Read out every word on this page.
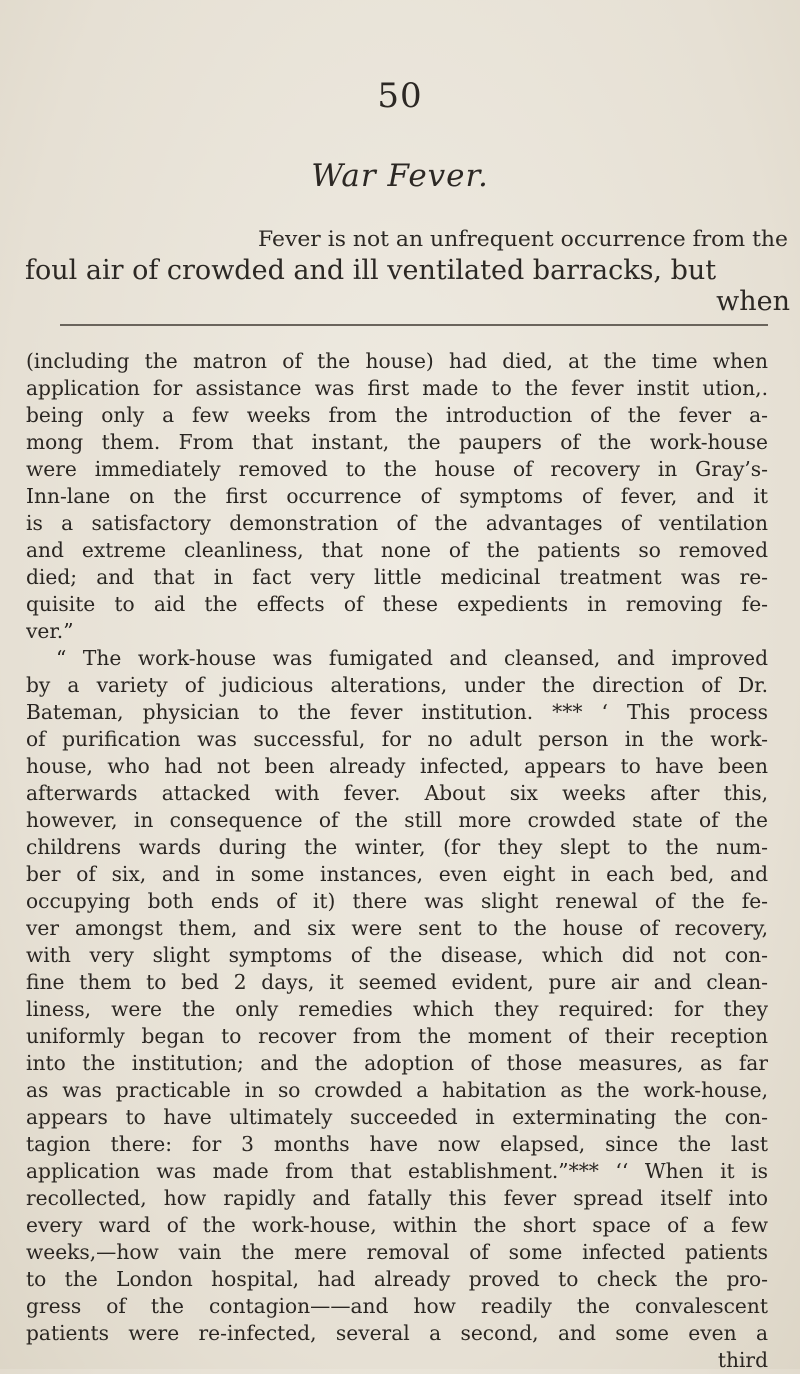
50
War Fever.
Fever is not an unfrequent occurrence from the
foul air of crowded and ill ventilated barracks, but
when
(including the matron of the house) had died, at the time when
application for assistance was first made to the fever instit ution,.
being only a few weeks from the introduction of the fever a-
mong them. From that instant, the paupers of the work-house
were immediately removed to the house of recovery in Gray’s-
Inn-lane on the first occurrence of symptoms of fever, and it
is a satisfactory demonstration of the advantages of ventilation
and extreme cleanliness, that none of the patients so removed
died; and that in fact very little medicinal treatment was re-
quisite to aid the effects of these expedients in removing fe-
ver.”
“ The work-house was fumigated and cleansed, and improved
by a variety of judicious alterations, under the direction of Dr.
Bateman, physician to the fever institution. *** ‘ This process
of purification was successful, for no adult person in the work-
house, who had not been already infected, appears to have been
afterwards attacked with fever. About six weeks after this,
however, in consequence of the still more crowded state of the
childrens wards during the winter, (for they slept to the num-
ber of six, and in some instances, even eight in each bed, and
occupying both ends of it) there was slight renewal of the fe-
ver amongst them, and six were sent to the house of recovery,
with very slight symptoms of the disease, which did not con-
fine them to bed 2 days, it seemed evident, pure air and clean-
liness, were the only remedies which they required: for they
uniformly began to recover from the moment of their reception
into the institution; and the adoption of those measures, as far
as was practicable in so crowded a habitation as the work-house,
appears to have ultimately succeeded in exterminating the con-
tagion there: for 3 months have now elapsed, since the last
application was made from that establishment.”*** ‘‘ When it is
recollected, how rapidly and fatally this fever spread itself into
every ward of the work-house, within the short space of a few
weeks,—how vain the mere removal of some infected patients
to the London hospital, had already proved to check the pro-
gress of the contagion——and how readily the convalescent
patients were re-infected, several a second, and some even a
third
